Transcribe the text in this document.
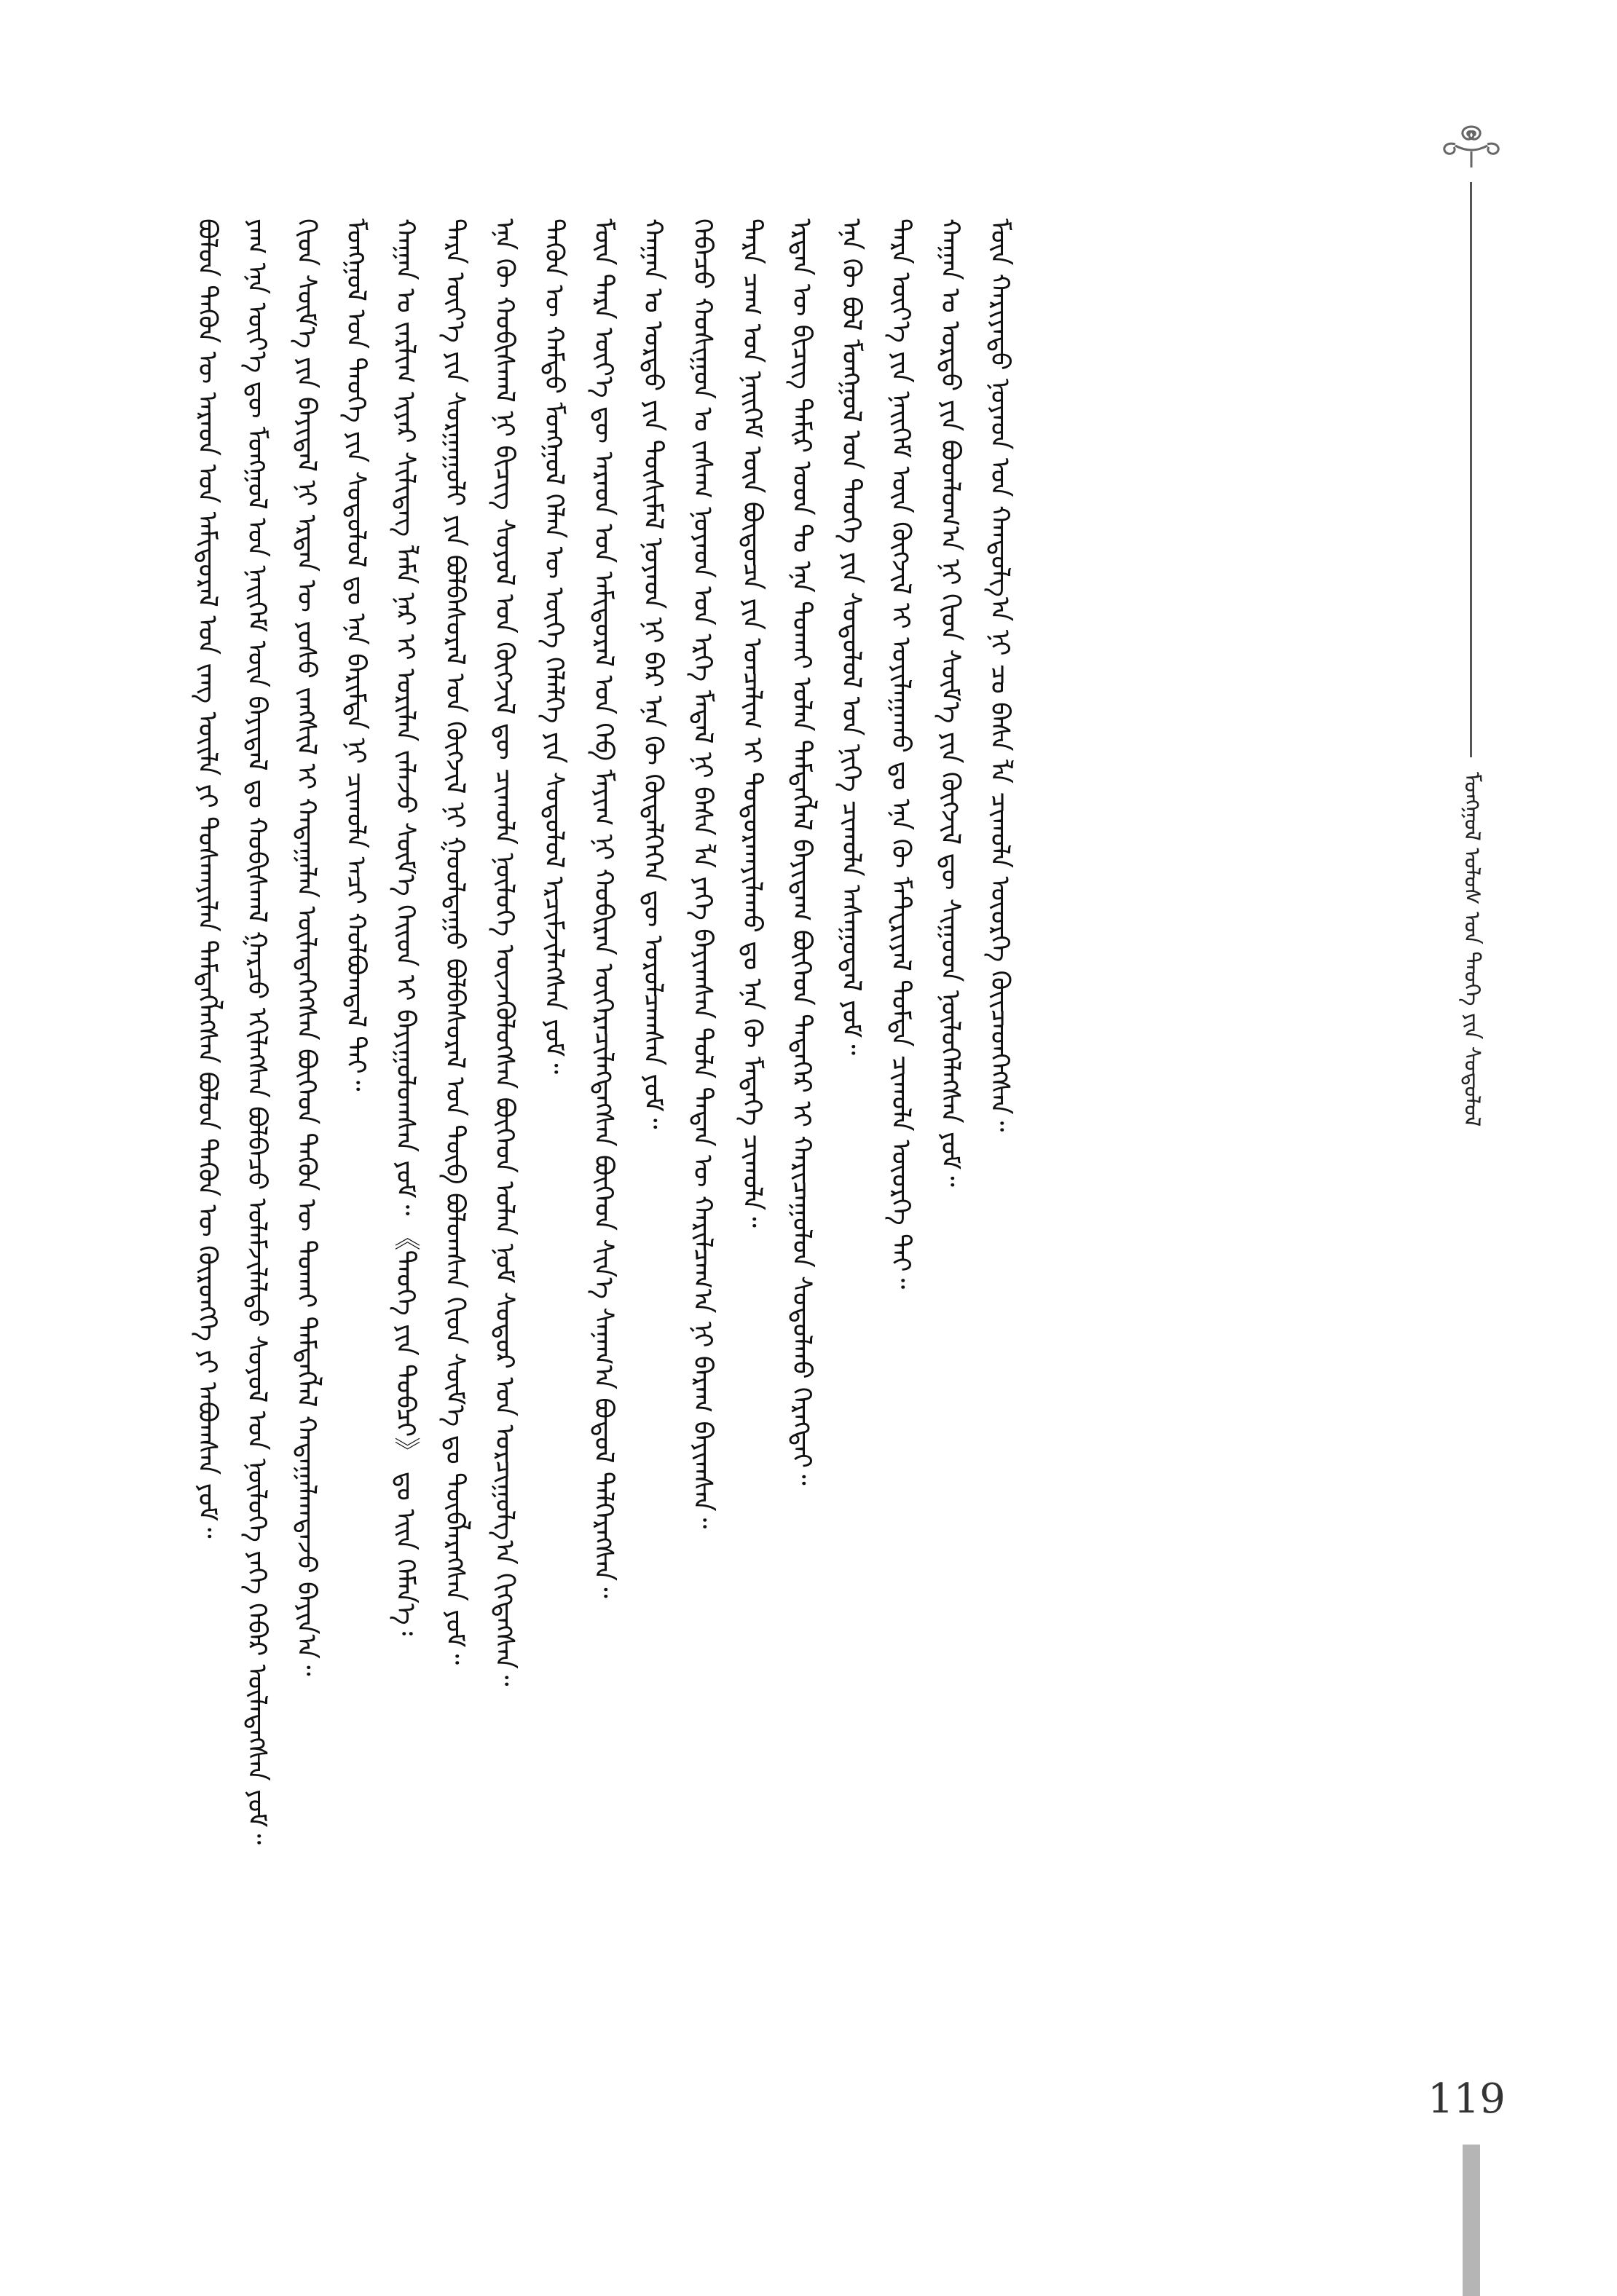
ᠮᠣᠩᠭᠣᠯ ᠤᠯᠤᠰ ᠤᠨ ᠲᠡᠦᠬᠡ ᠶᠢᠨ ᠰᠤᠳᠤᠯᠤᠯ
ᠪᠣᠯᠤᠨ ᠲᠡᠭᠦᠨ ᠦ ᠠᠷᠠᠳ ᠤᠨ ᠠᠮᠢᠳᠤᠷᠠᠯ ᠤᠨ ᠵᠠᠩ ᠦᠢᠯᠡ ᠶᠢ ᠲᠤᠰᠬᠠᠶᠢᠯᠠᠨ ᠲᠡᠮᠳᠡᠭᠯᠡᠭᠰᠡᠨ ᠪᠣᠯᠤᠨ ᠲᠡᠭᠦᠨ ᠦ ᠬᠥᠷᠦᠩᠭᠡ ᠶᠢ ᠠᠪᠤᠭᠰᠠᠨ ᠶᠤᠮ᠃ ᠶᠠᠭ ᠡᠨᠡ ᠦᠶ᠎ᠡ ᠳᠦ ᠮᠣᠩᠭᠣᠯ ᠤᠨ ᠨᠡᠢᠭᠡᠮ ᠦᠨ ᠪᠠᠶᠢᠳᠠᠯ ᠳᠤ ᠬᠤᠪᠢᠰᠬᠠᠯ ᠭᠠᠷᠴᠤ ᠡᠬᠢᠯᠡᠭᠰᠡᠨ ᠪᠣᠯᠪᠠᠴᠤ ᠤᠯᠠᠮᠵᠢᠯᠠᠯᠲᠤ ᠰᠤᠶᠤᠯ ᠤᠨ ᠨᠥᠯᠥᠭᠡ ᠶᠡᠬᠡ ᠬᠡᠪᠡᠷ ᠦᠯᠡᠳᠡᠭᠰᠡᠨ ᠶᠤᠮ᠃ ᠬᠢᠳ ᠰᠦᠮ᠎ᠡ ᠶᠢᠨ ᠪᠠᠶᠢᠳᠠᠯ ᠨᠢ ᠡᠷᠲᠡᠨ ᠦ ᠶᠣᠰᠤ ᠵᠠᠩᠰᠢᠯ ᠢ ᠬᠠᠳᠠᠭᠠᠯᠠᠨ ᠦᠯᠡᠳᠡᠭᠡᠭᠰᠡᠨ ᠪᠥᠭᠡᠳ ᠲᠡᠭᠦᠨ ᠦ ᠲᠤᠬᠠᠢ ᠲᠡᠮᠳᠡᠭᠯᠡᠯ ᠬᠠᠳᠠᠭᠠᠯᠠᠭᠳᠠᠵᠤ ᠪᠠᠶᠢᠨ᠎ᠠ᠃ ᠮᠣᠩᠭᠣᠯ ᠤᠨ ᠲᠡᠦᠬᠡ ᠶᠢᠨ ᠰᠤᠳᠤᠯᠤᠯ ᠳᠤ ᠡᠨᠡ ᠪᠠᠷᠢᠮᠲᠠ ᠨᠢ ᠴᠢᠬᠤᠯᠠ ᠠᠴᠢ ᠬᠣᠯᠪᠣᠭᠳᠠᠯ ᠲᠠᠢ᠃ ᠬᠠᠭᠠᠨ ᠤ ᠵᠠᠷᠯᠢᠭ ᠢᠶᠡᠷ ᠰᠢᠯᠢᠳᠡᠭ ᠯᠠᠮᠠ ᠨᠠᠷ ᠢ ᠤᠷᠢᠯᠠᠨ ᠵᠠᠯᠠᠵᠤ ᠰᠦᠮ᠎ᠡ ᠬᠡᠢᠳ ᠢ ᠪᠠᠶᠢᠭᠤᠯᠤᠭᠰᠠᠨ ᠶᠤᠮ᠃ 《ᠲᠡᠦᠬᠡ ᠶᠢᠨ ᠲᠣᠪᠴᠢ》 ᠳᠤ ᠡᠢᠨ ᠬᠡᠮᠡᠨ᠎ᠡ᠄ ᠲᠡᠷᠡ ᠦᠶ᠎ᠡ ᠶᠢᠨ ᠰᠤᠷᠭᠠᠭᠤᠯᠢ ᠶᠢᠨ ᠪᠣᠯᠪᠠᠰᠤᠷᠠᠯ ᠤᠨ ᠬᠥᠭᠵᠢᠯ ᠨᠢ ᠭᠣᠣᠯᠳᠠᠭᠤ ᠪᠣᠯᠪᠠᠰᠤᠷᠠᠯ ᠤᠨ ᠲᠥᠪ ᠪᠣᠯᠤᠭᠰᠠᠨ ᠬᠢᠳ ᠰᠦᠮ᠎ᠡ ᠳᠤ ᠲᠥᠪᠯᠡᠷᠡᠭᠰᠡᠨ ᠶᠤᠮ᠃ ᠡᠨᠡ ᠬᠦ ᠬᠤᠪᠢᠰᠬᠠᠯ ᠨᠢ ᠪᠢᠴᠢᠭ ᠰᠤᠶᠤᠯ ᠤᠨ ᠬᠥᠭᠵᠢᠯ ᠳᠦ ᠴᠢᠬᠤᠯᠠ ᠨᠥᠯᠥᠭᠡ ᠦᠵᠡᠭᠦᠯᠦᠭᠰᠡᠨ ᠪᠥᠭᠡᠳ ᠣᠯᠠᠨ ᠨᠣᠮ ᠰᠤᠳᠤᠷ ᠤᠨ ᠣᠷᠴᠢᠭᠤᠯᠭ᠎ᠠ ᠬᠢᠭᠳᠡᠭᠰᠡᠨ᠃ ᠲᠡᠭᠦᠨ ᠦ ᠬᠠᠮᠲᠤ ᠮᠣᠩᠭᠣᠯ ᠬᠡᠯᠡᠨ ᠦ ᠦᠭᠡ ᠬᠡᠯᠡᠯᠭᠡ ᠶᠢᠨ ᠰᠤᠳᠤᠯᠤᠯ ᠡᠷᠴᠢᠮᠵᠢᠯᠡᠭᠰᠡᠨ ᠶᠤᠮ᠃ ᠮᠥᠨ ᠲᠡᠷᠡ ᠦᠶ᠎ᠡ ᠳᠦ ᠠᠷᠠᠳ ᠤᠨ ᠠᠮᠢᠳᠤᠷᠠᠯ ᠤᠨ ᠬᠡᠪ ᠮᠠᠶᠢᠭ ᠨᠢ ᠬᠤᠪᠢᠷᠠᠨ ᠥᠭᠡᠷᠡᠴᠢᠯᠡᠭᠳᠡᠭᠰᠡᠨ ᠪᠥᠭᠡᠳ ᠰᠢᠨ᠎ᠡ ᠰᠠᠨᠠᠭ᠎ᠠ ᠪᠣᠳᠤᠯ ᠳᠡᠯᠭᠡᠷᠡᠭᠰᠡᠨ᠃ ᠬᠠᠭᠠᠨ ᠤ ᠣᠷᠳᠤ ᠶᠢᠨ ᠲᠦᠰᠢᠮᠡᠯ ᠨᠣᠶᠠᠳ ᠨᠢ ᠪᠠᠷ ᠡᠨᠡ ᠬᠦ ᠬᠥᠳᠡᠯᠭᠡᠭᠡᠨ ᠳᠦ ᠣᠷᠤᠯᠴᠠᠭᠰᠠᠨ ᠶᠤᠮ᠃ ᠭᠡᠪᠡᠴᠤ ᠬᠣᠰᠢᠭᠤᠨ ᠤ ᠵᠠᠰᠠᠭ ᠨᠣᠶᠠᠳ ᠤᠨ ᠡᠷᠬᠡ ᠮᠡᠳᠡᠯ ᠨᠢ ᠪᠠᠰᠠ ᠯᠠ ᠶᠡᠬᠡ ᠪᠠᠶᠢᠭᠰᠠᠨ ᠲᠤᠯᠠ ᠲᠡᠳᠡᠨ ᠦ ᠬᠠᠷᠢᠯᠴᠠᠭ᠎ᠠ ᠨᠢ ᠪᠠᠷᠠᠭ ᠪᠠᠶᠢᠭᠰᠠᠨ᠃ ᠲᠡᠷᠡ ᠴᠠᠭ ᠤᠨ ᠨᠡᠢᠭᠡᠮ ᠦᠨ ᠪᠦᠲᠦᠴᠡ ᠶᠢᠨ ᠣᠨᠴᠠᠯᠢᠭ ᠢ ᠲᠣᠳᠣᠷᠬᠠᠶᠢᠯᠠᠬᠤ ᠳᠤ ᠡᠨᠡ ᠬᠦ ᠮᠡᠳᠡᠭᠡ ᠴᠢᠬᠤᠯᠠ᠃ ᠡᠷᠲᠡᠨ ᠦ ᠪᠢᠴᠢᠭ ᠲᠠᠮᠢᠷ ᠤᠳ ᠲᠤ ᠡᠨᠡ ᠲᠤᠬᠠᠢ ᠣᠯᠠᠨ ᠲᠡᠮᠳᠡᠭᠯᠡᠯ ᠪᠠᠶᠢᠳᠠᠭ ᠪᠥᠭᠡᠳ ᠲᠡᠳᠡᠭᠡᠷ ᠢ ᠬᠠᠷᠢᠴᠠᠭᠤᠯᠤᠨ ᠰᠤᠳᠤᠯᠬᠤ ᠬᠡᠷᠡᠭᠲᠡᠢ᠃ ᠡᠨᠡ ᠬᠦ ᠪᠣᠯ ᠮᠣᠩᠭᠣᠯ ᠤᠨ ᠲᠡᠦᠬᠡ ᠶᠢᠨ ᠰᠤᠳᠤᠯᠤᠯ ᠤᠨ ᠨᠢᠭᠡ ᠴᠢᠬᠤᠯᠠ ᠠᠰᠠᠭᠤᠳᠠᠯ ᠶᠤᠮ᠃ ᠲᠡᠷᠡ ᠦᠶ᠎ᠡ ᠶᠢᠨ ᠨᠡᠢᠭᠡᠮ ᠦᠨ ᠬᠥᠭᠵᠢᠯ ᠢ ᠣᠶᠢᠯᠠᠭᠠᠬᠤ ᠳᠤ ᠡᠨᠡ ᠬᠦ ᠮᠠᠲ᠋ᠧᠷᠢᠶᠠᠯ ᠳᠤᠮᠳᠠ ᠴᠢᠬᠤᠯᠠ ᠦᠦᠷᠭᠡ ᠲᠠᠢ᠃ ᠬᠠᠭᠠᠨ ᠤ ᠣᠷᠳᠤ ᠶᠢᠨ ᠪᠣᠳᠯᠣᠭ᠎ᠠ ᠨᠢ ᠬᠢᠳ ᠰᠦᠮ᠎ᠡ ᠶᠢᠨ ᠬᠥᠭᠵᠢᠯ ᠳᠦ ᠰᠢᠭᠤᠳ ᠨᠥᠯᠥᠭᠡᠯᠡᠭᠰᠡᠨ ᠶᠤᠮ᠃ ᠮᠥᠨ ᠬᠠᠷᠢᠶᠠᠲᠤ ᠨᠣᠶᠠᠳ ᠤᠨ ᠬᠠᠨᠳᠤᠯᠭ᠎ᠠ ᠨᠢ ᠴᠤ ᠪᠠᠰᠠ ᠯᠠ ᠴᠢᠬᠤᠯᠠ ᠦᠦᠷᠭᠡ ᠭᠦᠢᠴᠡᠳᠭᠡᠭᠰᠡᠨ᠃
119
